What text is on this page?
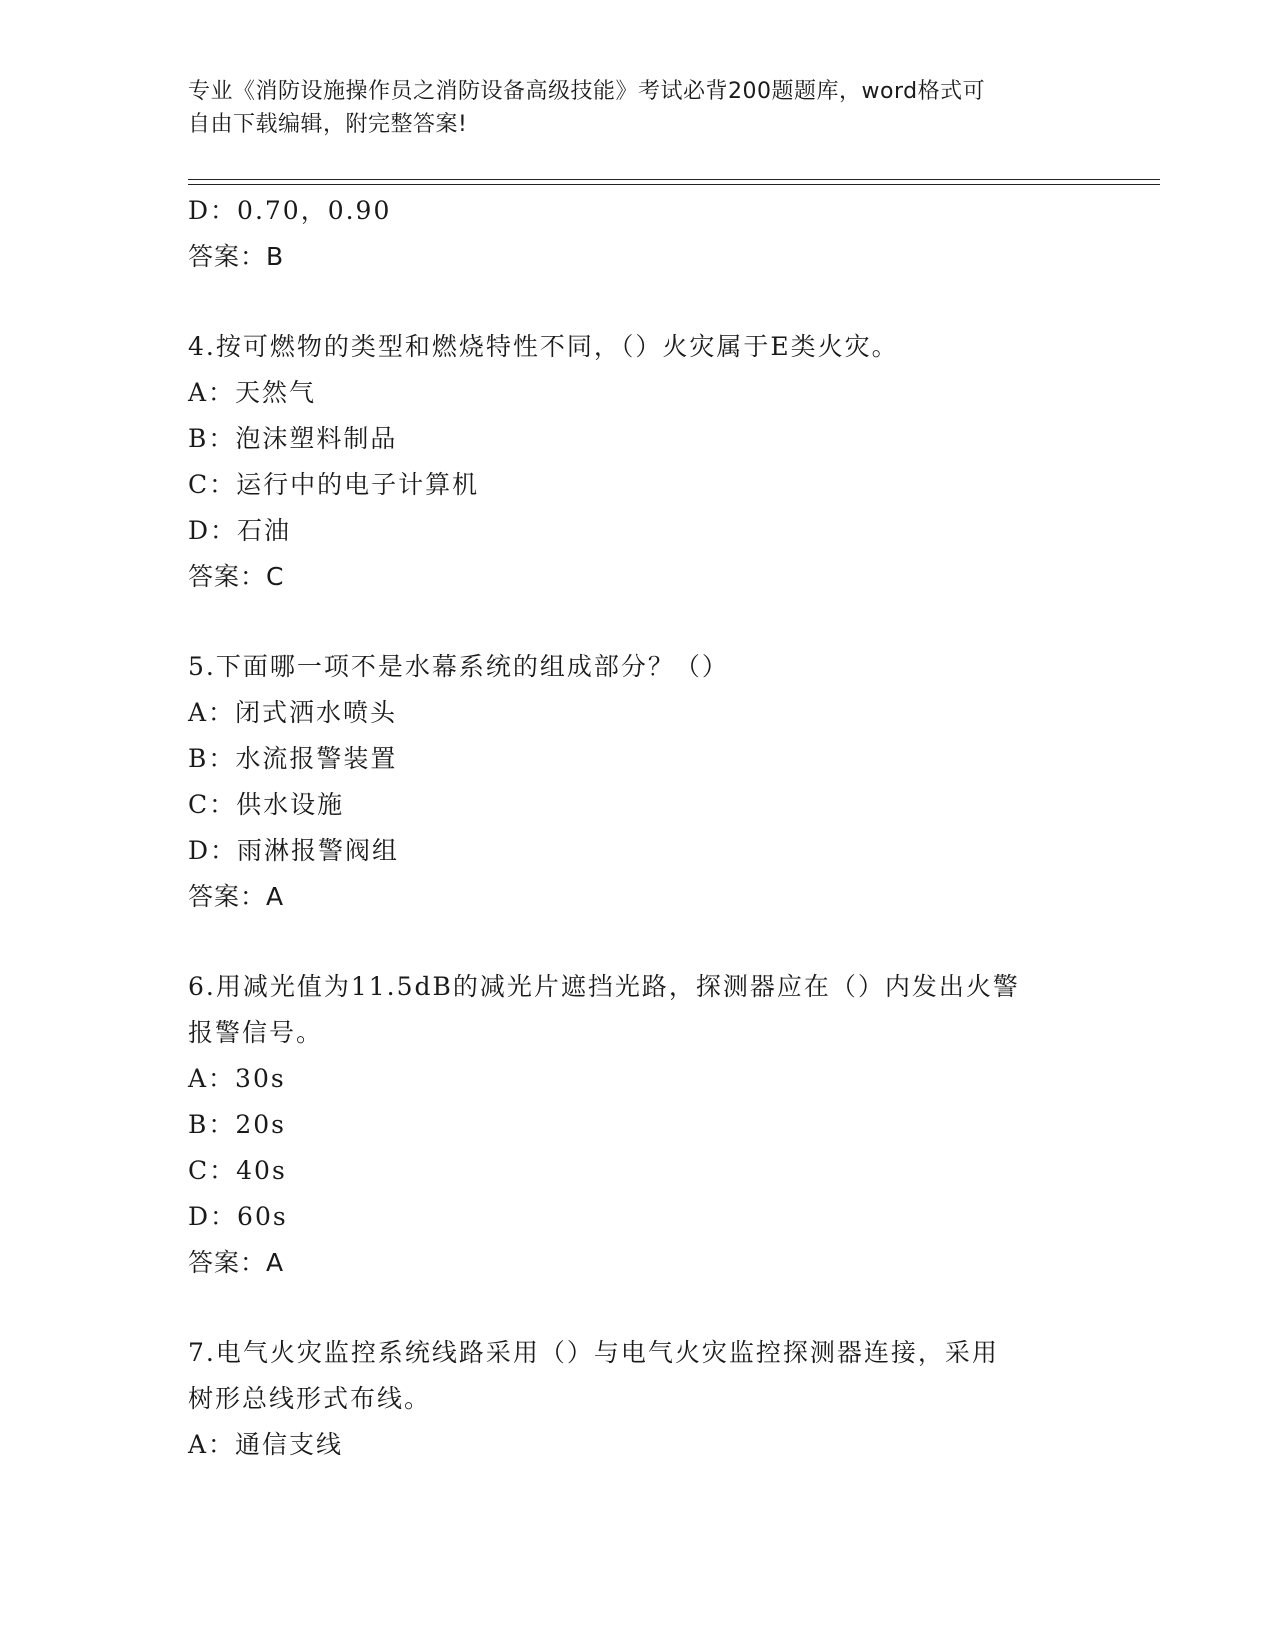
专业《消防设施操作员之消防设备高级技能》考试必背200题题库，word格式可
自由下载编辑，附完整答案!
D：0.70，0.90
答案：B
4.按可燃物的类型和燃烧特性不同，（）火灾属于E类火灾。
A：天然气
B：泡沫塑料制品
C：运行中的电子计算机
D：石油
答案：C
5.下面哪一项不是水幕系统的组成部分？（）
A：闭式洒水喷头
B：水流报警装置
C：供水设施
D：雨淋报警阀组
答案：A
6.用减光值为11.5dB的减光片遮挡光路，探测器应在（）内发出火警
报警信号。
A：30s
B：20s
C：40s
D：60s
答案：A
7.电气火灾监控系统线路采用（）与电气火灾监控探测器连接，采用
树形总线形式布线。
A：通信支线
